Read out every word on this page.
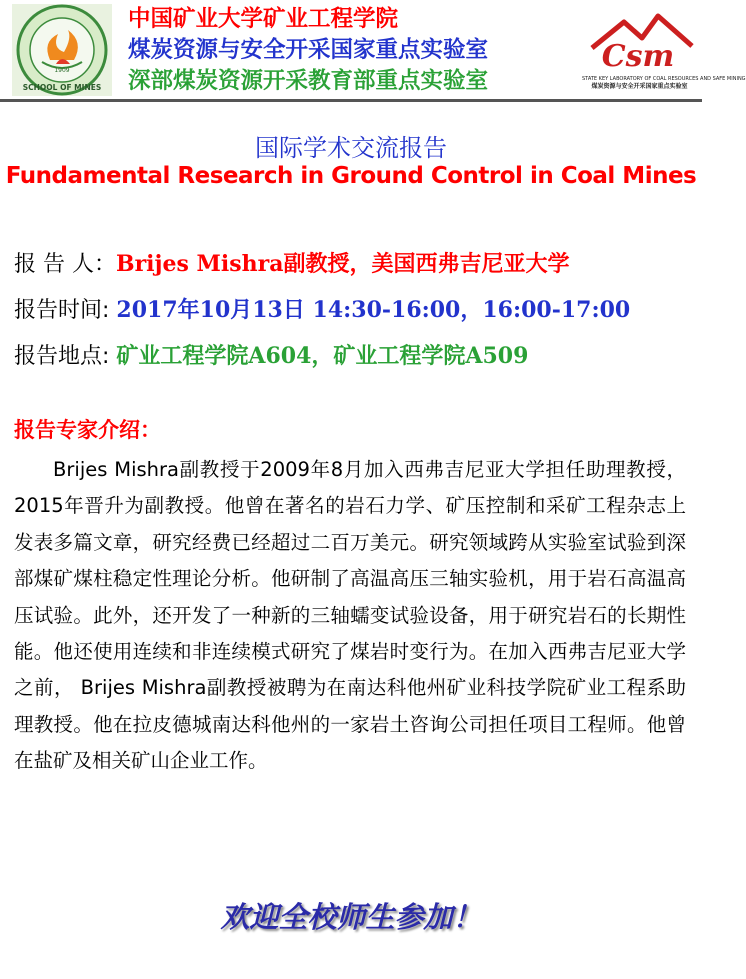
1909
SCHOOL OF MINES
中国矿业大学矿业工程学院
煤炭资源与安全开采国家重点实验室
深部煤炭资源开采教育部重点实验室
Csm
STATE KEY LABORATORY OF COAL RESOURCES AND SAFE MINING
煤炭资源与安全开采国家重点实验室
国际学术交流报告
Fundamental Research in Ground Control in Coal Mines
报 告 人：Brijes Mishra副教授，美国西弗吉尼亚大学
报告时间: 2017年10月13日 14:30-16:00，16:00-17:00
报告地点: 矿业工程学院A604，矿业工程学院A509
报告专家介绍：
Brijes Mishra副教授于2009年8月加入西弗吉尼亚大学担任助理教授，2015年晋升为副教授。他曾在著名的岩石力学、矿压控制和采矿工程杂志上发表多篇文章，研究经费已经超过二百万美元。研究领域跨从实验室试验到深部煤矿煤柱稳定性理论分析。他研制了高温高压三轴实验机，用于岩石高温高压试验。此外，还开发了一种新的三轴蠕变试验设备，用于研究岩石的长期性能。他还使用连续和非连续模式研究了煤岩时变行为。在加入西弗吉尼亚大学之前， Brijes Mishra副教授被聘为在南达科他州矿业科技学院矿业工程系助理教授。他在拉皮德城南达科他州的一家岩土咨询公司担任项目工程师。他曾在盐矿及相关矿山企业工作。
欢迎全校师生参加！
